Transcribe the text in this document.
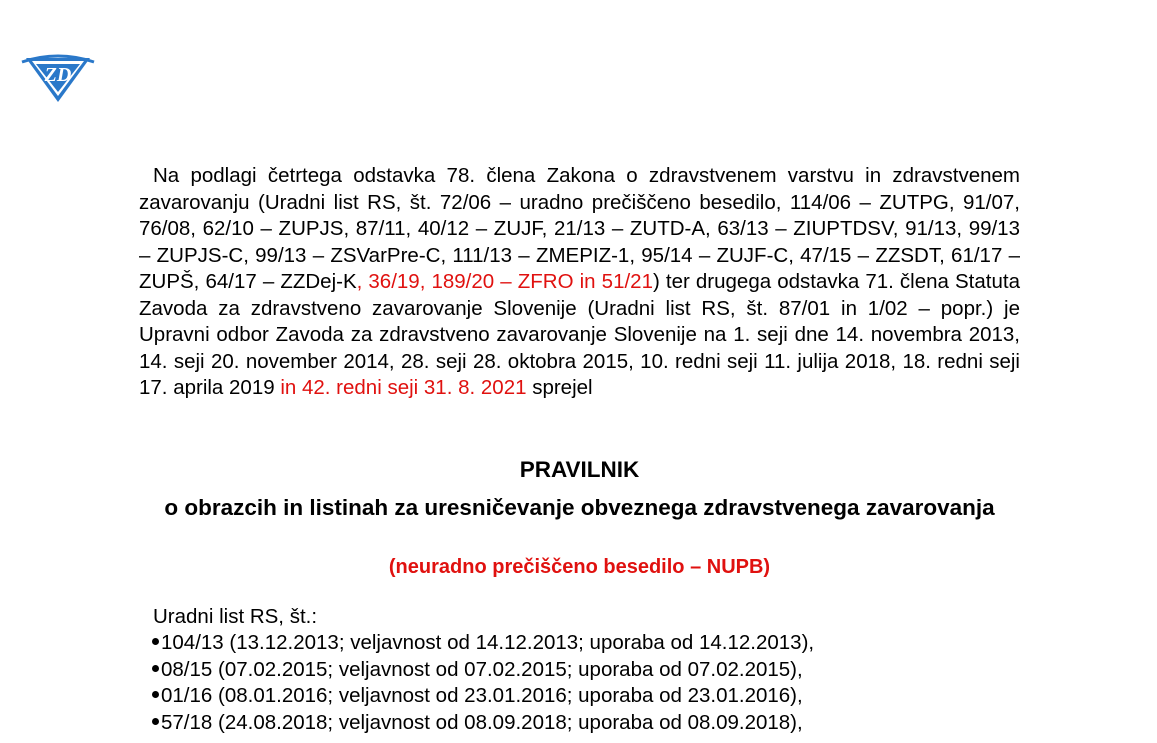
ZD

Na podlagi četrtega odstavka 78. člena Zakona o zdravstvenem varstvu in zdravstvenem zavarovanju (Uradni list RS, št. 72/06 – uradno prečiščeno besedilo, 114/06 – ZUTPG, 91/07, 76/08, 62/10 – ZUPJS, 87/11, 40/12 – ZUJF, 21/13 – ZUTD-A, 63/13 – ZIUPTDSV, 91/13, 99/13 – ZUPJS-C, 99/13 – ZSVarPre-C, 111/13 – ZMEPIZ-1, 95/14 – ZUJF-C, 47/15 – ZZSDT, 61/17 – ZUPŠ, 64/17 – ZZDej-K, 36/19, 189/20 – ZFRO in 51/21) ter drugega odstavka 71. člena Statuta Zavoda za zdravstveno zavarovanje Slovenije (Uradni list RS, št. 87/01 in 1/02 – popr.) je Upravni odbor Zavoda za zdravstveno zavarovanje Slovenije na 1. seji dne 14. novembra 2013, 14. seji 20. november 2014, 28. seji 28. oktobra 2015, 10. redni seji 11. julija 2018, 18. redni seji 17. aprila 2019 in 42. redni seji 31. 8. 2021 sprejel

PRAVILNIK

o obrazcih in listinah za uresničevanje obveznega zdravstvenega zavarovanja

(neuradno prečiščeno besedilo – NUPB)

Uradni list RS, št.:

104/13 (13.12.2013; veljavnost od 14.12.2013; uporaba od 14.12.2013),
08/15 (07.02.2015; veljavnost od 07.02.2015; uporaba od 07.02.2015),
01/16 (08.01.2016; veljavnost od 23.01.2016; uporaba od 23.01.2016),
57/18 (24.08.2018; veljavnost od 08.09.2018; uporaba od 08.09.2018),
